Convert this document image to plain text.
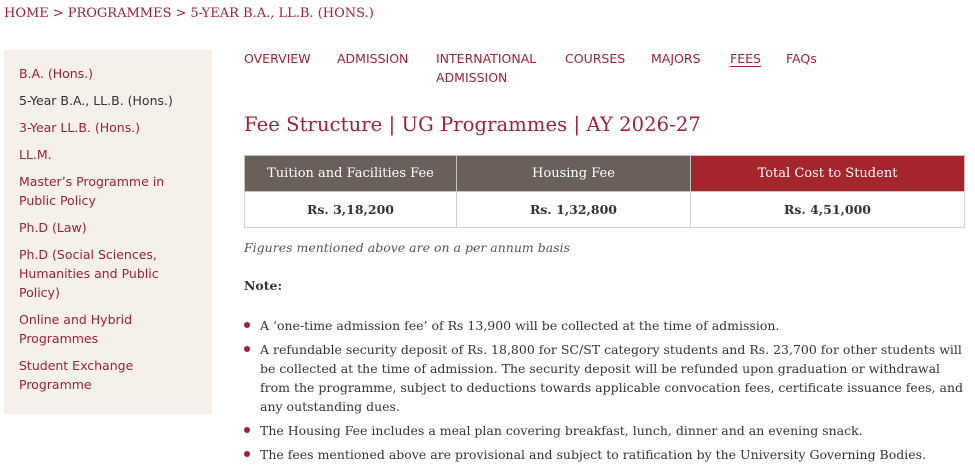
HOME > PROGRAMMES > 5-YEAR B.A., LL.B. (HONS.)
B.A. (Hons.)
5-Year B.A., LL.B. (Hons.)
3-Year LL.B. (Hons.)
LL.M.
Master’s Programme in Public Policy
Ph.D (Law)
Ph.D (Social Sciences, Humanities and Public Policy)
Online and Hybrid Programmes
Student Exchange Programme
OVERVIEW ADMISSION INTERNATIONAL ADMISSION
COURSES MAJORS FEES FAQs
Fee Structure | UG Programmes | AY 2026-27
Tuition and Facilities Fee	Housing Fee	Total Cost to Student
Rs. 3,18,200	Rs. 1,32,800	Rs. 4,51,000
Figures mentioned above are on a per annum basis
Note:
A ‘one-time admission fee’ of Rs 13,900 will be collected at the time of admission.
A refundable security deposit of Rs. 18,800 for SC/ST category students and Rs. 23,700 for other students will be collected at the time of admission. The security deposit will be refunded upon graduation or withdrawal from the programme, subject to deductions towards applicable convocation fees, certificate issuance fees, and any outstanding dues.
The Housing Fee includes a meal plan covering breakfast, lunch, dinner and an evening snack.
The fees mentioned above are provisional and subject to ratification by the University Governing Bodies.
